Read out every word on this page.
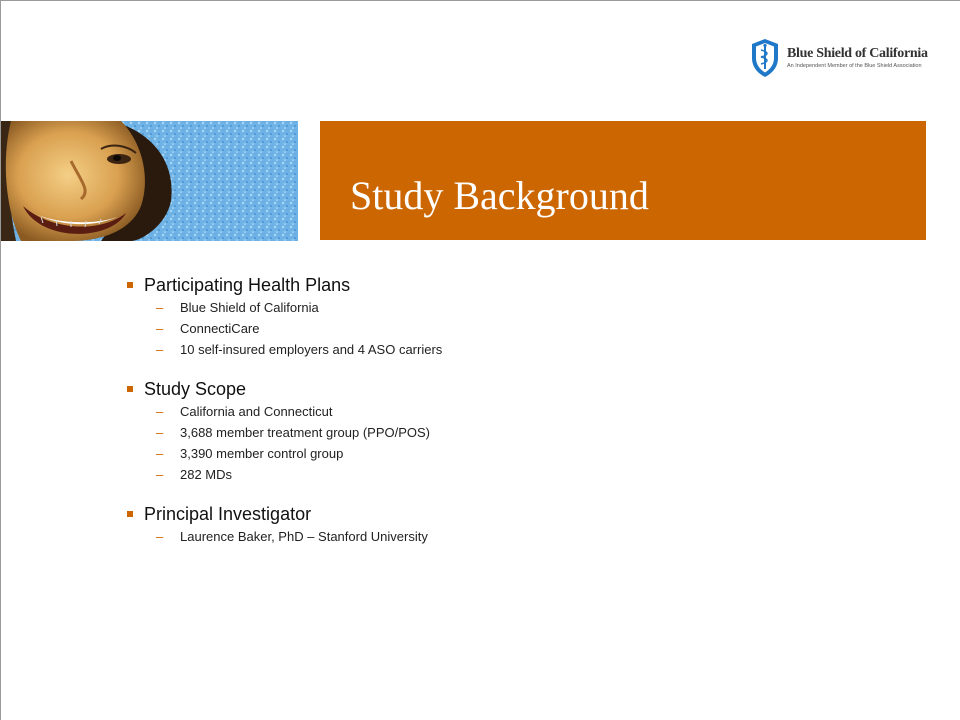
Blue Shield of California
An Independent Member of the Blue Shield Association
Study Background
Participating Health Plans
–	Blue Shield of California
–	ConnectiCare
–	10 self-insured employers and 4 ASO carriers
Study Scope
–	California and Connecticut
–	3,688 member treatment group (PPO/POS)
–	3,390 member control group
–	282 MDs
Principal Investigator
–	Laurence Baker, PhD – Stanford University
